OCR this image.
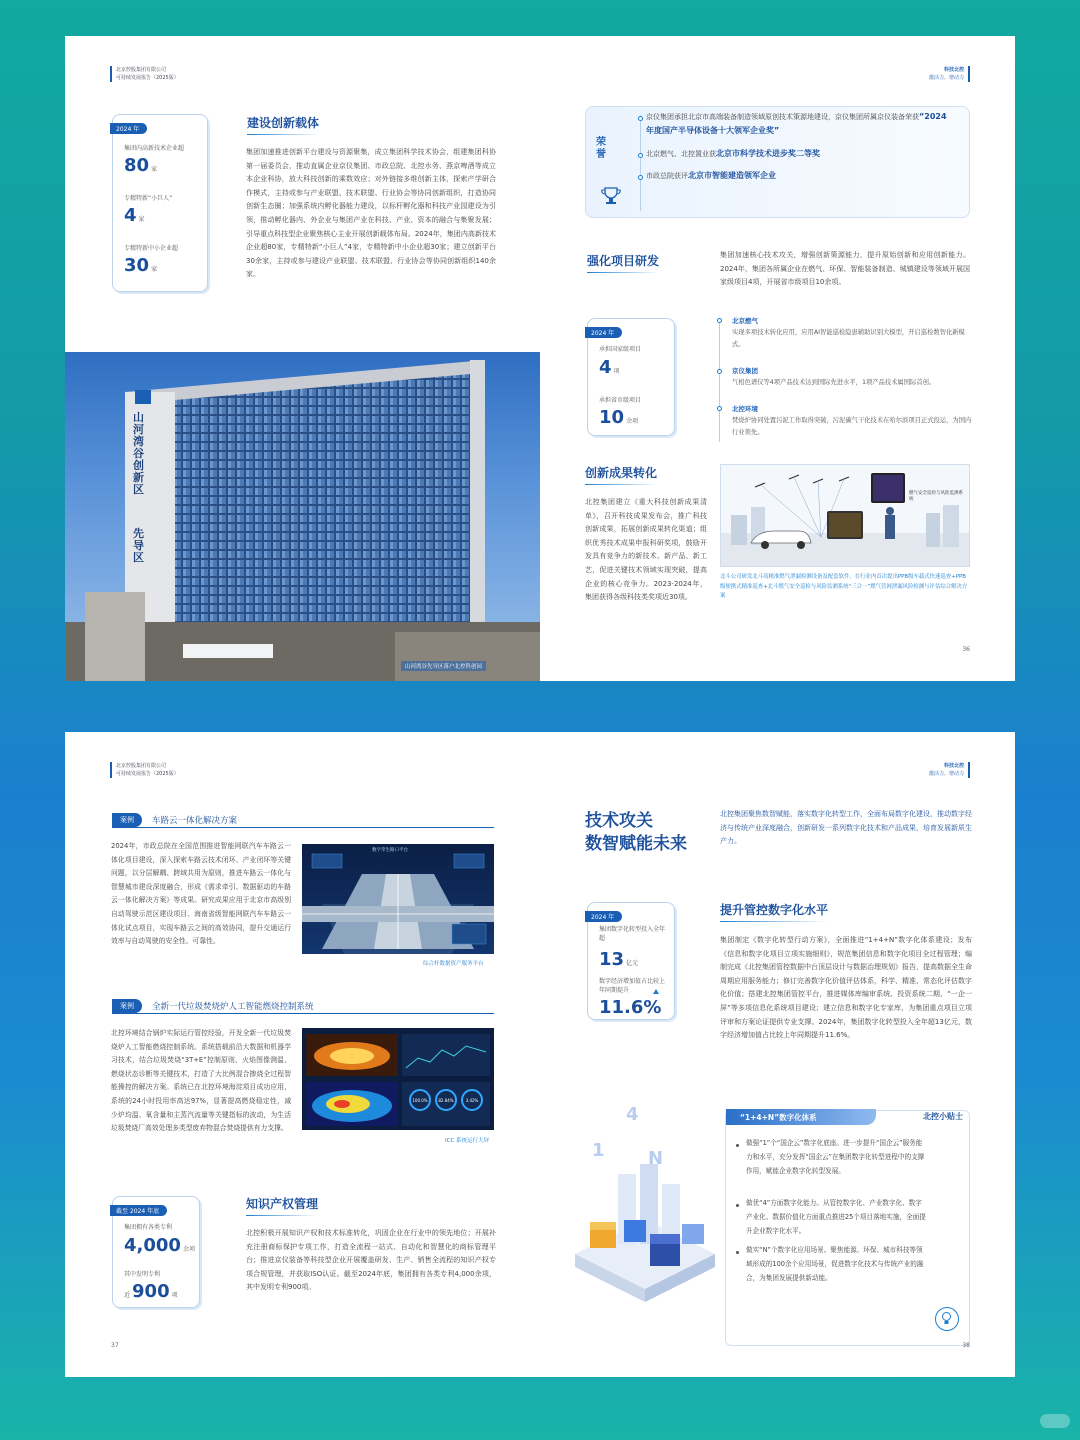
北京控股集团有限公司
可持续发展报告（2025版）
科技北控
激活力、增动力
2024 年
集团内高新技术企业超
80 家
专精特新“小巨人”
4 家
专精特新中小企业超
30 家
建设创新载体
集团加速推进创新平台建设与资源聚集，成立集团科学技术协会，组建集团科协第一届委员会，推动直属企业京仪集团、市政总院、北控水务、燕京啤酒等成立本企业科协，放大科技创新的乘数效应；对外链接多维创新主体，探索产学研合作模式，主持或参与产业联盟、技术联盟、行业协会等协同创新组织，打造协同创新生态圈；加强系统内孵化器能力建设，以标杆孵化器和科技产业园建设为引领，推动孵化器内、外企业与集团产业在科技、产业、资本的融合与集聚发展；引导重点科技型企业聚焦核心主业开展创新载体布局。2024年，集团内高新技术企业超80家，专精特新“小巨人”4家，专精特新中小企业超30家；建立创新平台30余家，主持或参与建设产业联盟、技术联盟、行业协会等协同创新组织140余家。
山河湾谷创新区
先导区
山河湾谷先导区落户北控科创园
荣誉
京仪集团承担北京市高端装备制造领域原创技术策源地建设，京仪集团所属京仪装备荣获“2024 年度国产半导体设备十大领军企业奖”
北京燃气、北控置业获北京市科学技术进步奖二等奖
市政总院获评北京市智能建造领军企业
强化项目研发	集团加速核心技术攻关，增强创新策源能力，提升原始创新和应用创新能力。2024年，集团各所属企业在燃气、环保、智能装备制造、城镇建设等领域开展国家级项目4项，开展省市级项目10余项。
2024 年
承担国家级项目
4 项
承担省市级项目
10 余项
北京燃气
实现多项技术转化应用，应用AI智能巡检隐患辅助识别大模型，开启巡检数智化新模式。
京仪集团
气相色谱仪等4项产品技术达到国际先进水平，1项产品技术属国际首创。
北控环境
焚烧炉协同处置污泥工作取得突破，污泥碳气干化技术在哈尔滨项目正式投运，为国内行业领先。
创新成果转化
北控集团建立《重大科技创新成果清单》，召开科技成果发布会，推广科技创新成果，拓展创新成果转化渠道；组织优秀技术成果申报科研奖项，鼓励开发具有竞争力的新技术、新产品、新工艺，促进关键技术领域实现突破，提高企业的核心竞争力。2023-2024年，集团获得各级科技类奖项近30项。
燃气安全巡检与风险监测系统
北斗公司研发北斗高精准燃气泄漏检测设备及配套软件，在行业内首次提出PPB级车载式快速巡查+PPB级便携式精准巡查+北斗燃气安全巡检与风险监测系统“三合一”燃气管网泄漏风险检测与评估综合解决方案
36
北京控股集团有限公司
可持续发展报告（2025版）
科技北控
激活力、增动力
案例	车路云一体化解决方案
2024年，市政总院在全国范围推进智能网联汽车车路云一体化项目建设，深入探索车路云技术闭环、产业闭环等关键问题，以分层解耦、跨域共用为原则，推进车路云一体化与智慧城市建设深度融合，形成《需求牵引、数据驱动的车路云一体化解决方案》等成果。研究成果应用于北京市高级别自动驾驶示范区建设项目、海南省级智能网联汽车车路云一体化试点项目，实现车路云之间的高效协同，提升交通运行效率与自动驾驶的安全性、可靠性。
数字孪生路口平台
综合杆数据资产服务平台
案例	全新一代垃圾焚烧炉人工智能燃烧控制系统
北控环境结合锅炉实际运行管控经验，开发全新一代垃圾焚烧炉人工智能燃烧控制系统。系统搭载前沿大数据和机器学习技术，结合垃圾焚烧“3T+E”控制原则、火焰图像测温、燃烧状态诊断等关键技术，打造了大比例混合掺烧全过程智能操控的解决方案。系统已在北控环境海淀项目成功应用，系统的24小时投用率高达97%，显著提高燃烧稳定性，减少炉均温、氧含量和主蒸汽流量等关键指标的波动，为生活垃圾焚烧厂高效处理多类型废弃物混合焚烧提供有力支撑。
100.0%	82.84%	3.42%
ICC 系统运行大屏
截至 2024 年底
集团拥有各类专利
4,000 余项
其中发明专利
近 900 项
知识产权管理
北控积极开展知识产权和技术标准转化，巩固企业在行业中的领先地位；开展补充注册商标保护专项工作，打造全流程一站式、自动化和智慧化的商标管理平台；推进京仪装备等科技型企业开展覆盖研发、生产、销售全流程的知识产权专项合规管理，并获取ISO认证。截至2024年底，集团拥有各类专利4,000余项，其中发明专利900项。
37
技术攻关
数智赋能未来
北控集团聚焦数智赋能，落实数字化转型工作，全面布局数字化建设，推动数字经济与传统产业深度融合，创新研发一系列数字化技术和产品成果，培育发展新质生产力。
2024 年
集团数字化转型投入全年超
13 亿元
数字经济增加值占比较上年同期提升
11.6%
提升管控数字化水平
集团制定《数字化转型行动方案》，全面推进“1+4+N”数字化体系建设；发布《信息和数字化项目立项实施细则》，规范集团信息和数字化项目全过程管理；编制完成《北控集团管控数据中台顶层设计与数据治理规划》报告，提高数据全生命周期应用服务能力；修订完善数字化价值评估体系，科学、精准、常态化评估数字化价值；搭建北控集团管控平台，推进媒体库编审系统、投资系统二期、“一企一屏”等多项信息化系统项目建设；建立信息和数字化专家库，为集团重点项目立项评审和方案论证提供专业支撑。2024年，集团数字化转型投入全年超13亿元，数字经济增加值占比较上年同期提升11.6%。
1
4
N
“1+4+N”数字化体系	北控小贴士
做强“1”个“国企云”数字化底座。进一步提升“国企云”服务能力和水平，充分发挥“国企云”在集团数字化转型进程中的支撑作用，赋能企业数字化转型发展。
做优“4”方面数字化能力。从管控数字化、产业数字化、数字产业化、数据价值化方面重点推进25个项目落地实施，全面提升企业数字化水平。
做实“N”个数字化应用场景。聚焦能源、环保、城市科技等领域形成的100余个应用场景，促进数字化技术与传统产业的融合，为集团发展提供新动能。
38
